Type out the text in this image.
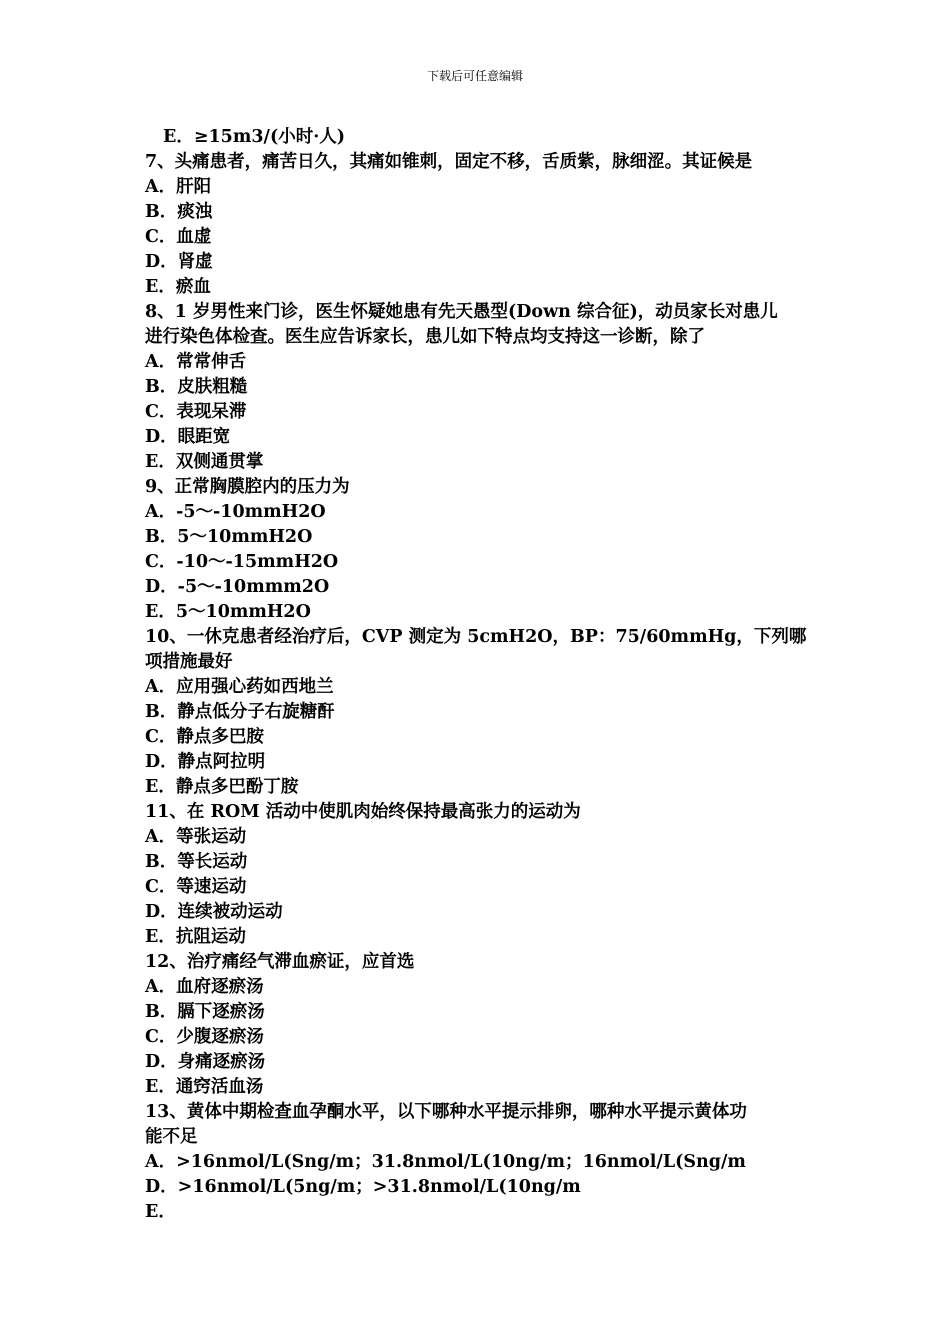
下载后可任意编辑
E．≥15m3/(小时·人)
7、头痛患者，痛苦日久，其痛如锥刺，固定不移，舌质紫，脉细涩。其证候是
A．肝阳
B．痰浊
C．血虚
D．肾虚
E．瘀血
8、1 岁男性来门诊，医生怀疑她患有先天愚型(Down 综合征)，动员家长对患儿
进行染色体检查。医生应告诉家长，患儿如下特点均支持这一诊断，除了
A．常常伸舌
B．皮肤粗糙
C．表现呆滞
D．眼距宽
E．双侧通贯掌
9、正常胸膜腔内的压力为
A．-5～-10mmH2O
B．5～10mmH2O
C．-10～-15mmH2O
D．-5～-10mmm2O
E．5～10mmH2O
10、一休克患者经治疗后，CVP 测定为 5cmH2O，BP：75/60mmHg，下列哪
项措施最好
A．应用强心药如西地兰
B．静点低分子右旋糖酐
C．静点多巴胺
D．静点阿拉明
E．静点多巴酚丁胺
11、在 ROM 活动中使肌肉始终保持最高张力的运动为
A．等张运动
B．等长运动
C．等速运动
D．连续被动运动
E．抗阻运动
12、治疗痛经气滞血瘀证，应首选
A．血府逐瘀汤
B．膈下逐瘀汤
C．少腹逐瘀汤
D．身痛逐瘀汤
E．通窍活血汤
13、黄体中期检查血孕酮水平，以下哪种水平提示排卵，哪种水平提示黄体功
能不足
A．>16nmol/L(Sng/m；31.8nmol/L(10ng/m；16nmol/L(Sng/m
D．>16nmol/L(5ng/m；>31.8nmol/L(10ng/m
E．
